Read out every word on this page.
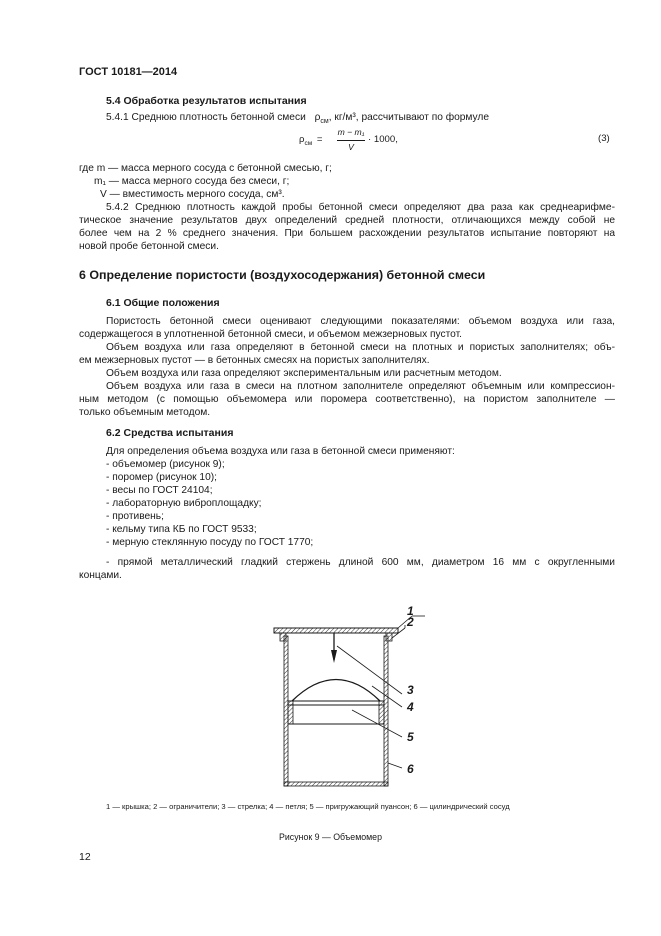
ГОСТ 10181—2014
5.4 Обработка результатов испытания
5.4.1 Среднюю плотность бетонной смеси $\rho_{см}$, кг/м³, рассчитывают по формуле
$\rho_{см}$ =
m − m₁
V
· 1000,	(3)
где m — масса мерного сосуда с бетонной смесью, г;
m₁ — масса мерного сосуда без смеси, г;
V — вместимость мерного сосуда, см³.
5.4.2 Среднюю плотность каждой пробы бетонной смеси определяют два раза как среднеарифме-
тическое значение результатов двух определений средней плотности, отличающихся между собой не
более чем на 2 % среднего значения. При большем расхождении результатов испытание повторяют на
новой пробе бетонной смеси.
6 Определение пористости (воздухосодержания) бетонной смеси
6.1 Общие положения
Пористость бетонной смеси оценивают следующими показателями: объемом воздуха или газа,
содержащегося в уплотненной бетонной смеси, и объемом межзерновых пустот.
Объем воздуха или газа определяют в бетонной смеси на плотных и пористых заполнителях; объ-
ем межзерновых пустот — в бетонных смесях на пористых заполнителях.
Объем воздуха или газа определяют экспериментальным или расчетным методом.
Объем воздуха или газа в смеси на плотном заполнителе определяют объемным или компрессион-
ным методом (с помощью объемомера или поромера соответственно), на пористом заполнителе —
только объемным методом.
6.2 Средства испытания
Для определения объема воздуха или газа в бетонной смеси применяют:
- объемомер (рисунок 9);
- поромер (рисунок 10);
- весы по ГОСТ 24104;
- лабораторную виброплощадку;
- противень;
- кельму типа КБ по ГОСТ 9533;
- мерную стеклянную посуду по ГОСТ 1770;
- прямой металлический гладкий стержень длиной 600 мм, диаметром 16 мм с округленными
концами.
1
2
3
4
5
6
1 — крышка; 2 — ограничители; 3 — стрелка; 4 — петля; 5 — пригружающий пуансон; 6 — цилиндрический сосуд
Рисунок 9 — Объемомер
12
